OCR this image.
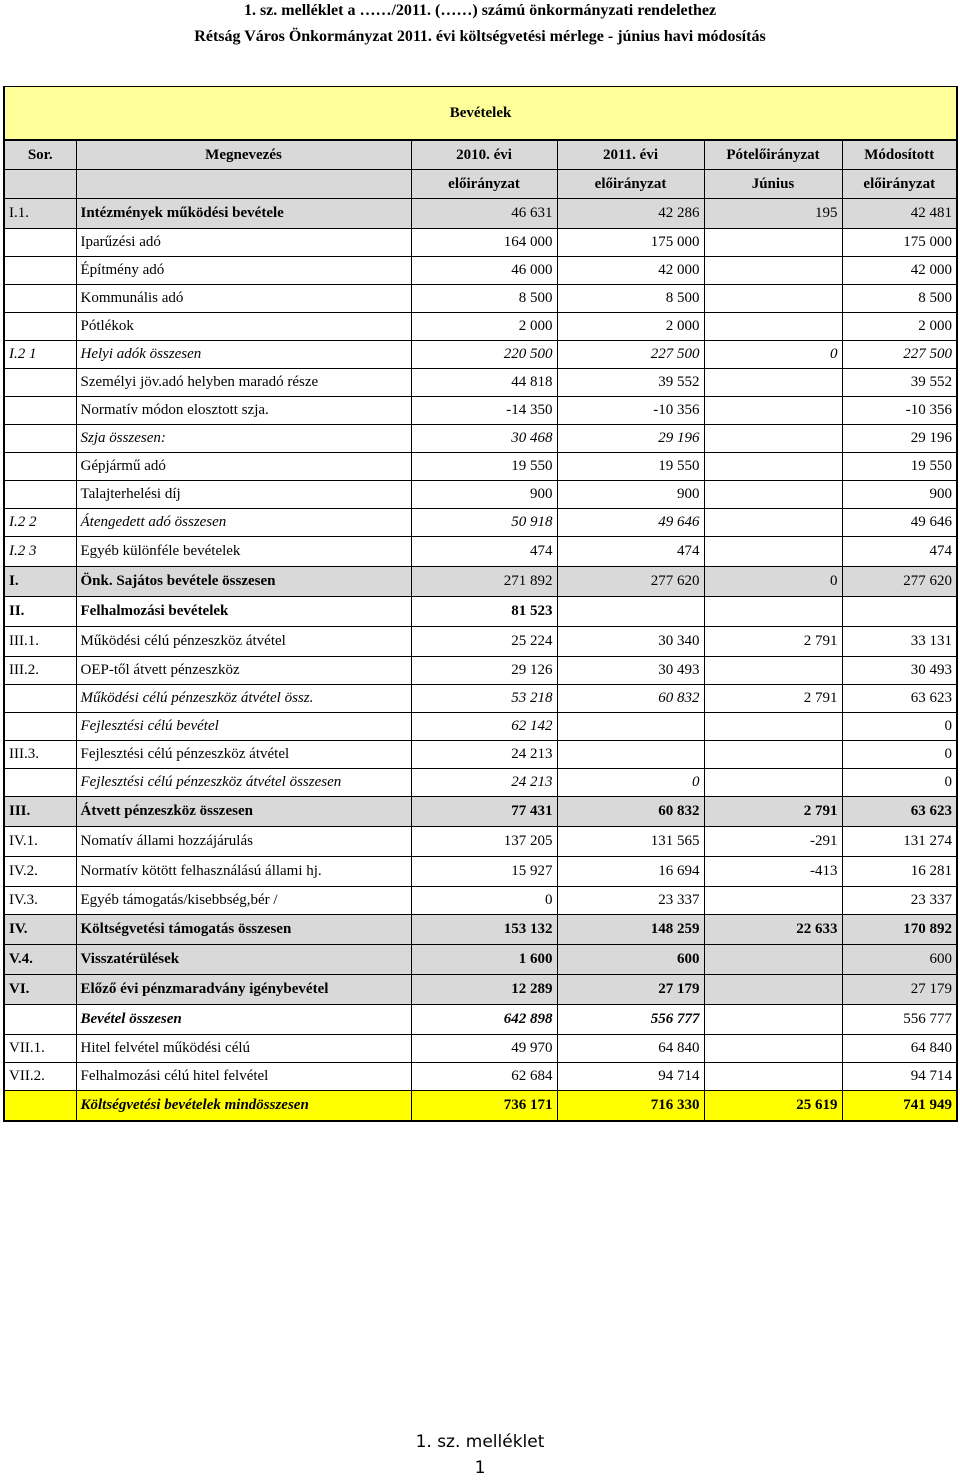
1. sz. melléklet a ……/2011. (……) számú önkormányzati rendelethez
Rétság Város Önkormányzat 2011. évi költségvetési mérlege - június havi módosítás
Bevételek					
Sor.	Megnevezés	2010. évi	2011. évi	Pótelőirányzat	Módosított
		előirányzat	előirányzat	Június	előirányzat
I.1.	Intézmények működési bevétele	46 631	42 286	195	42 481
	Iparűzési adó	164 000	175 000		175 000
	Építmény adó	46 000	42 000		42 000
	Kommunális adó	8 500	8 500		8 500
	Pótlékok	2 000	2 000		2 000
I.2 1	Helyi adók összesen	220 500	227 500	0	227 500
	Személyi jöv.adó helyben maradó része	44 818	39 552		39 552
	Normatív módon elosztott szja.	-14 350	-10 356		-10 356
	Szja összesen:	30 468	29 196		29 196
	Gépjármű adó	19 550	19 550		19 550
	Talajterhelési díj	900	900		900
I.2 2	Átengedett adó összesen	50 918	49 646		49 646
I.2 3	Egyéb különféle bevételek	474	474		474
I.	Önk. Sajátos bevétele összesen	271 892	277 620	0	277 620
II.	Felhalmozási bevételek	81 523			
III.1.	Működési célú pénzeszköz átvétel	25 224	30 340	2 791	33 131
III.2.	OEP-től átvett pénzeszköz	29 126	30 493		30 493
	Működési célú pénzeszköz átvétel össz.	53 218	60 832	2 791	63 623
	Fejlesztési célú bevétel	62 142			0
III.3.	Fejlesztési célú pénzeszköz átvétel	24 213			0
	Fejlesztési célú pénzeszköz átvétel összesen	24 213	0		0
III.	Átvett pénzeszköz összesen	77 431	60 832	2 791	63 623
IV.1.	Nomatív állami hozzájárulás	137 205	131 565	-291	131 274
IV.2.	Normatív kötött felhasználású állami hj.	15 927	16 694	-413	16 281
IV.3.	Egyéb támogatás/kisebbség,bér /	0	23 337		23 337
IV.	Költségvetési támogatás összesen	153 132	148 259	22 633	170 892
V.4.	Visszatérülések	1 600	600		600
VI.	Előző évi pénzmaradvány igénybevétel	12 289	27 179		27 179
	Bevétel összesen	642 898	556 777		556 777
VII.1.	Hitel felvétel működési célú	49 970	64 840		64 840
VII.2.	Felhalmozási célú hitel felvétel	62 684	94 714		94 714
	Költségvetési bevételek mindösszesen	736 171	716 330	25 619	741 949
1. sz. melléklet
1
